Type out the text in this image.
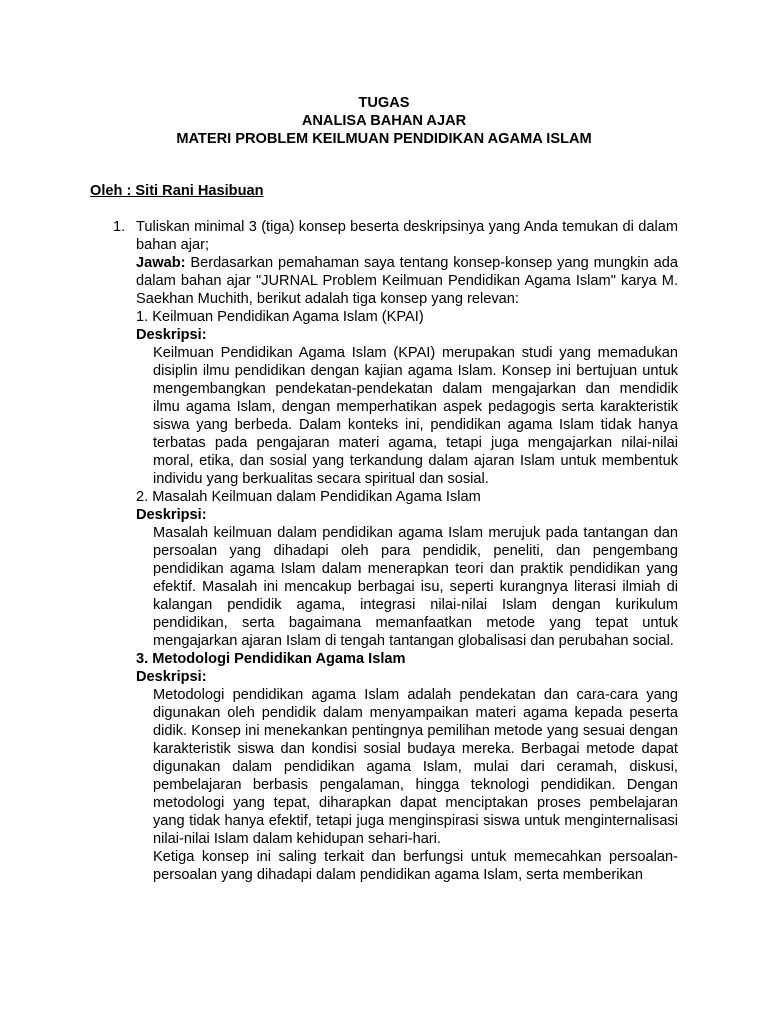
TUGAS
ANALISA BAHAN AJAR
MATERI PROBLEM KEILMUAN PENDIDIKAN AGAMA ISLAM
Oleh : Siti Rani Hasibuan
1. Tuliskan minimal 3 (tiga) konsep beserta deskripsinya yang Anda temukan di dalam bahan ajar;

Jawab: Berdasarkan pemahaman saya tentang konsep-konsep yang mungkin ada dalam bahan ajar "JURNAL Problem Keilmuan Pendidikan Agama Islam" karya M. Saekhan Muchith, berikut adalah tiga konsep yang relevan:

1. Keilmuan Pendidikan Agama Islam (KPAI)

Deskripsi:

Keilmuan Pendidikan Agama Islam (KPAI) merupakan studi yang memadukan disiplin ilmu pendidikan dengan kajian agama Islam. Konsep ini bertujuan untuk mengembangkan pendekatan-pendekatan dalam mengajarkan dan mendidik ilmu agama Islam, dengan memperhatikan aspek pedagogis serta karakteristik siswa yang berbeda. Dalam konteks ini, pendidikan agama Islam tidak hanya terbatas pada pengajaran materi agama, tetapi juga mengajarkan nilai-nilai moral, etika, dan sosial yang terkandung dalam ajaran Islam untuk membentuk individu yang berkualitas secara spiritual dan sosial.

2. Masalah Keilmuan dalam Pendidikan Agama Islam

Deskripsi:

Masalah keilmuan dalam pendidikan agama Islam merujuk pada tantangan dan persoalan yang dihadapi oleh para pendidik, peneliti, dan pengembang pendidikan agama Islam dalam menerapkan teori dan praktik pendidikan yang efektif. Masalah ini mencakup berbagai isu, seperti kurangnya literasi ilmiah di kalangan pendidik agama, integrasi nilai-nilai Islam dengan kurikulum pendidikan, serta bagaimana memanfaatkan metode yang tepat untuk mengajarkan ajaran Islam di tengah tantangan globalisasi dan perubahan social.

3. Metodologi Pendidikan Agama Islam

Deskripsi:

Metodologi pendidikan agama Islam adalah pendekatan dan cara-cara yang digunakan oleh pendidik dalam menyampaikan materi agama kepada peserta didik. Konsep ini menekankan pentingnya pemilihan metode yang sesuai dengan karakteristik siswa dan kondisi sosial budaya mereka. Berbagai metode dapat digunakan dalam pendidikan agama Islam, mulai dari ceramah, diskusi, pembelajaran berbasis pengalaman, hingga teknologi pendidikan. Dengan metodologi yang tepat, diharapkan dapat menciptakan proses pembelajaran yang tidak hanya efektif, tetapi juga menginspirasi siswa untuk menginternalisasi nilai-nilai Islam dalam kehidupan sehari-hari.

Ketiga konsep ini saling terkait dan berfungsi untuk memecahkan persoalan-persoalan yang dihadapi dalam pendidikan agama Islam, serta memberikan
